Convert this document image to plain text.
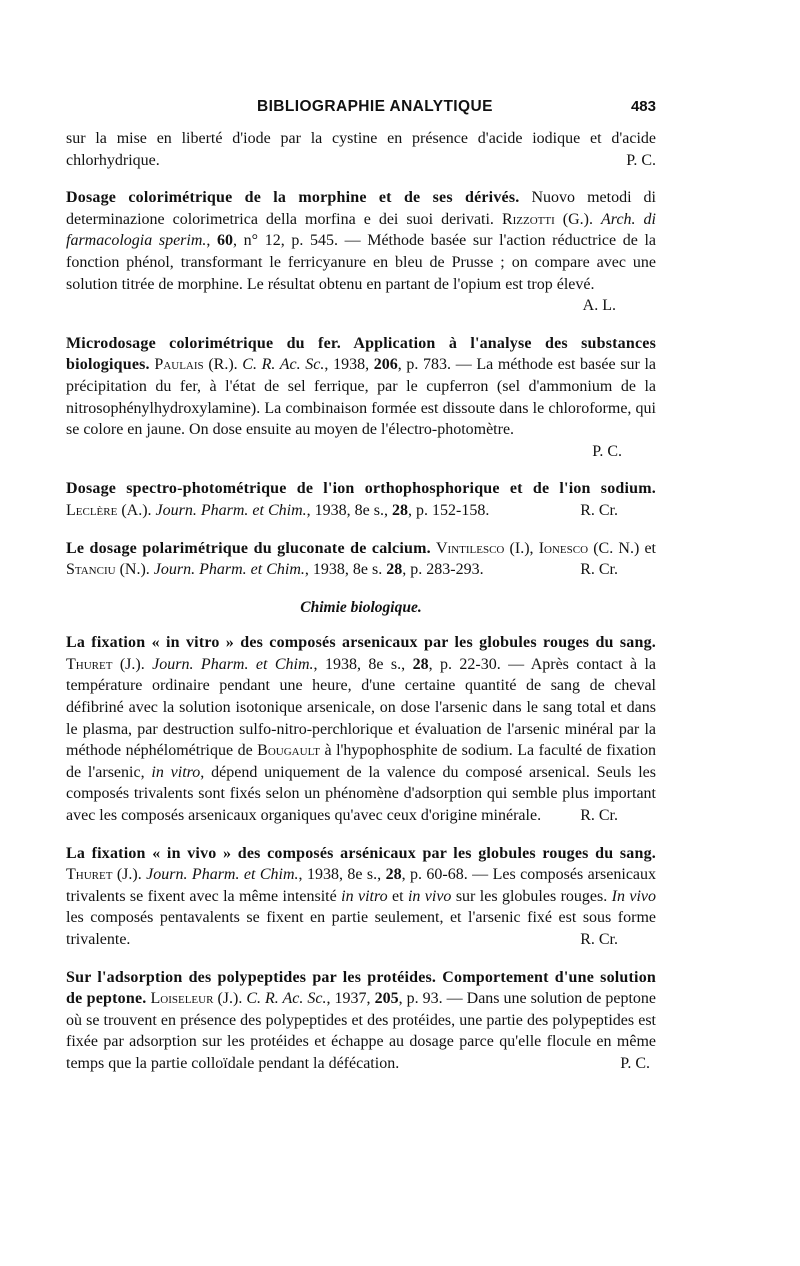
BIBLIOGRAPHIE ANALYTIQUE	483

sur la mise en liberté d'iode par la cystine en présence d'acide iodique et d'acide chlorhydrique.	P. C.

Dosage colorimétrique de la morphine et de ses dérivés. Nuovo metodi di determinazione colorimetrica della morfina e dei suoi derivati. Rizzotti (G.). Arch. di farmacologia sperim., 60, n° 12, p. 545. — Méthode basée sur l'action réductrice de la fonction phénol, transformant le ferricyanure en bleu de Prusse ; on compare avec une solution titrée de morphine. Le résultat obtenu en partant de l'opium est trop élevé.
A. L.

Microdosage colorimétrique du fer. Application à l'analyse des substances biologiques. Paulais (R.). C. R. Ac. Sc., 1938, 206, p. 783. — La méthode est basée sur la précipitation du fer, à l'état de sel ferrique, par le cupferron (sel d'ammonium de la nitrosophénylhydroxylamine). La combinaison formée est dissoute dans le chloroforme, qui se colore en jaune. On dose ensuite au moyen de l'électro-photomètre.
P. C.

Dosage spectro-photométrique de l'ion orthophosphorique et de l'ion sodium. Leclère (A.). Journ. Pharm. et Chim., 1938, 8e s., 28, p. 152-158.	R. Cr.

Le dosage polarimétrique du gluconate de calcium. Vintilesco (I.), Ionesco (C. N.) et Stanciu (N.). Journ. Pharm. et Chim., 1938, 8e s. 28, p. 283-293.	R. Cr.

Chimie biologique.

La fixation « in vitro » des composés arsenicaux par les globules rouges du sang. Thuret (J.). Journ. Pharm. et Chim., 1938, 8e s., 28, p. 22-30. — Après contact à la température ordinaire pendant une heure, d'une certaine quantité de sang de cheval défibriné avec la solution isotonique arsenicale, on dose l'arsenic dans le sang total et dans le plasma, par destruction sulfo-nitro-perchlorique et évaluation de l'arsenic minéral par la méthode néphélométrique de Bougault à l'hypophosphite de sodium. La faculté de fixation de l'arsenic, in vitro, dépend uniquement de la valence du composé arsenical. Seuls les composés trivalents sont fixés selon un phénomène d'adsorption qui semble plus important avec les composés arsenicaux organiques qu'avec ceux d'origine minérale. R. Cr.

La fixation « in vivo » des composés arsénicaux par les globules rouges du sang. Thuret (J.). Journ. Pharm. et Chim., 1938, 8e s., 28, p. 60-68. — Les composés arsenicaux trivalents se fixent avec la même intensité in vitro et in vivo sur les globules rouges. In vivo les composés pentavalents se fixent en partie seulement, et l'arsenic fixé est sous forme trivalente.	R. Cr.

Sur l'adsorption des polypeptides par les protéides. Comportement d'une solution de peptone. Loiseleur (J.). C. R. Ac. Sc., 1937, 205, p. 93. — Dans une solution de peptone où se trouvent en présence des polypeptides et des protéides, une partie des polypeptides est fixée par adsorption sur les protéides et échappe au dosage parce qu'elle flocule en même temps que la partie colloïdale pendant la défécation.	P. C.
